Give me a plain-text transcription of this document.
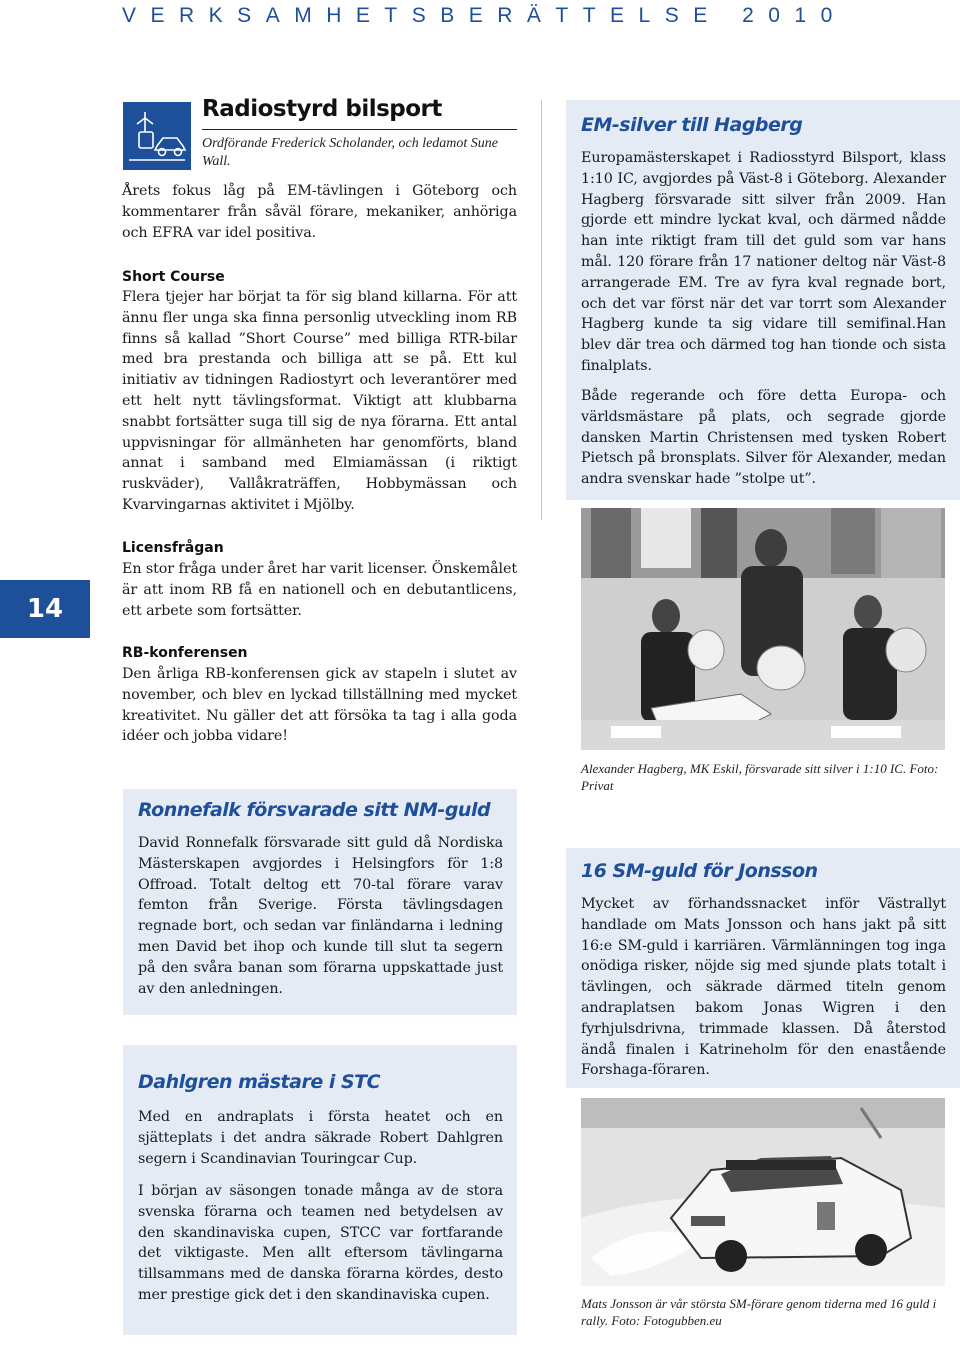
VERKSAMHETSBERÄTTELSE 2010
14
Radiostyrd bilsport
Ordförande Frederick Scholander, och ledamot Sune Wall.
Årets fokus låg på EM-tävlingen i Göteborg och kommentarer från såväl förare, mekaniker, anhöriga och EFRA var idel positiva.
Short Course
Flera tjejer har börjat ta för sig bland killarna. För att ännu fler unga ska finna personlig utveckling inom RB finns så kallad ”Short Course” med billiga RTR-bilar med bra prestanda och billiga att se på. Ett kul initiativ av tidningen Radiostyrt och leverantörer med ett helt nytt tävlingsformat. Viktigt att klubbarna snabbt fortsätter suga till sig de nya förarna. Ett antal uppvisningar för allmänheten har genomförts, bland annat i samband med Elmiamässan (i riktigt ruskväder), Vallåkraträffen, Hobbymässan och Kvarvingarnas aktivitet i Mjölby.
Licensfrågan
En stor fråga under året har varit licenser. Önskemålet är att inom RB få en nationell och en debutantlicens, ett arbete som fortsätter.
RB-konferensen
Den årliga RB-konferensen gick av stapeln i slutet av november, och blev en lyckad tillställning med mycket kreativitet. Nu gäller det att försöka ta tag i alla goda idéer och jobba vidare!
Ronnefalk försvarade sitt NM-guld
David Ronnefalk försvarade sitt guld då Nordiska Mästerskapen avgjordes i Helsingfors för 1:8 Offroad. Totalt deltog ett 70-tal förare varav femton från Sverige. Första tävlingsdagen regnade bort, och sedan var finländarna i ledning men David bet ihop och kunde till slut ta segern på den svåra banan som förarna uppskattade just av den anledningen.
Dahlgren mästare i STC
Med en andraplats i första heatet och en sjätteplats i det andra säkrade Robert Dahlgren segern i Scandinavian Touringcar Cup.
I början av säsongen tonade många av de stora svenska förarna och teamen ned betydelsen av den skandinaviska cupen, STCC var fortfarande det viktigaste. Men allt eftersom tävlingarna tillsammans med de danska förarna kördes, desto mer prestige gick det i den skandinaviska cupen.
EM-silver till Hagberg
Europamästerskapet i Radiosstyrd Bilsport, klass 1:10 IC, avgjordes på Väst-8 i Göteborg. Alexander Hagberg försvarade sitt silver från 2009. Han gjorde ett mindre lyckat kval, och därmed nådde han inte riktigt fram till det guld som var hans mål. 120 förare från 17 nationer deltog när Väst-8 arrangerade EM. Tre av fyra kval regnade bort, och det var först när det var torrt som Alexander Hagberg kunde ta sig vidare till semifinal.Han blev där trea och därmed tog han tionde och sista finalplats.
Både regerande och före detta Europa- och världsmästare på plats, och segrade gjorde dansken Martin Christensen med tysken Robert Pietsch på bronsplats. Silver för Alexander, medan andra svenskar hade ”stolpe ut”.
Alexander Hagberg, MK Eskil, försvarade sitt silver i 1:10 IC. Foto: Privat
16 SM-guld för Jonsson
Mycket av förhandssnacket inför Västrallyt handlade om Mats Jonsson och hans jakt på sitt 16:e SM-guld i karriären. Värmlänningen tog inga onödiga risker, nöjde sig med sjunde plats totalt i tävlingen, och säkrade därmed titeln genom andraplatsen bakom Jonas Wigren i den fyrhjulsdrivna, trimmade klassen. Då återstod ändå finalen i Katrineholm för den enastående Forshaga-föraren.
Mats Jonsson är vår största SM-förare genom tiderna med 16 guld i rally. Foto: Fotogubben.eu
